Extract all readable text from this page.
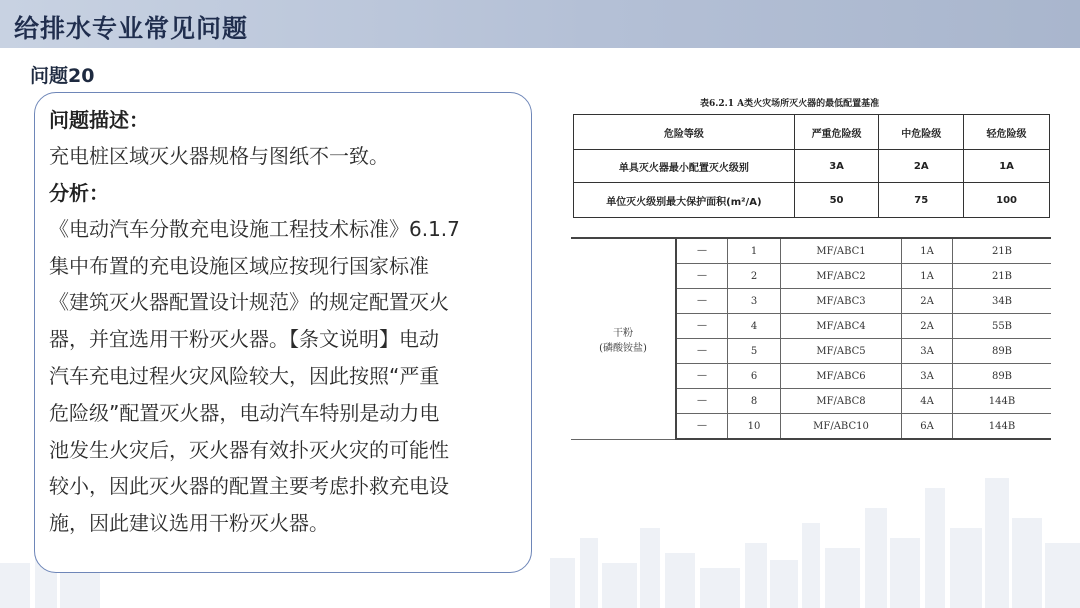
给排水专业常见问题
问题20

问题描述：

充电桩区域灭火器规格与图纸不一致。

分析：

《电动汽车分散充电设施工程技术标准》6.1.7

集中布置的充电设施区域应按现行国家标准

《建筑灭火器配置设计规范》的规定配置灭火

器，并宜选用干粉灭火器。【条文说明】电动

汽车充电过程火灾风险较大，因此按照“严重

危险级”配置灭火器，电动汽车特别是动力电

池发生火灾后，灭火器有效扑灭火灾的可能性

较小，因此灭火器的配置主要考虑扑救充电设

施，因此建议选用干粉灭火器。

表6.2.1 A类火灾场所灭火器的最低配置基准
危险等级	严重危险级	中危险级	轻危险级
单具灭火器最小配置灭火级别	3A	2A	1A
单位灭火级别最大保护面积(m²/A)	50	75	100
干粉
(磷酸铵盐)	—	1	MF/ABC1	1A	21B
	—	2	MF/ABC2	1A	21B
	—	3	MF/ABC3	2A	34B
	—	4	MF/ABC4	2A	55B
	—	5	MF/ABC5	3A	89B
	—	6	MF/ABC6	3A	89B
	—	8	MF/ABC8	4A	144B
	—	10	MF/ABC10	6A	144B
